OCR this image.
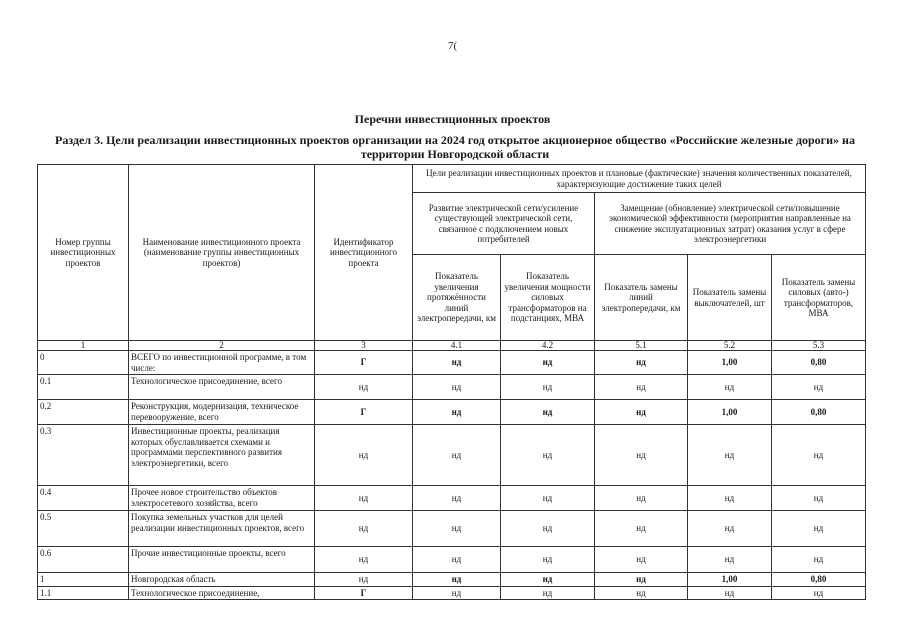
7(
Перечни инвестиционных проектов
Раздел 3. Цели реализации инвестиционных проектов организации на 2024 год открытое акционерное общество «Российские железные дороги» на территории Новгородской области
Номер группы инвестиционных проектов	Наименование инвестиционного проекта (наименование группы инвестиционных проектов)	Идентификатор инвестиционного проекта	Цели реализации инвестиционных проектов и плановые (фактические) значения количественных показателей, характеризующие достижение таких целей				
			Развитие электрической сети/усиление существующей электрической сети, связанное с подключением новых потребителей		Замещение (обновление) электрической сети/повышение экономической эффективности (мероприятия направленные на снижение эксплуатационных затрат) оказания услуг в сфере электроэнергетики		
			Показатель увеличения протяжённости линий электропередачи, км	Показатель увеличения мощности силовых трансформаторов на подстанциях, МВА	Показатель замены линий электропередачи, км	Показатель замены выключателей, шт	Показатель замены силовых (авто-) трансформаторов, МВА
1	2	3	4.1	4.2	5.1	5.2	5.3
0	ВСЕГО по инвестиционной программе, в том числе:	Г	нд	нд	нд	1,00	0,80
0.1	Технологическое присоединение, всего	нд	нд	нд	нд	нд	нд
0.2	Реконструкция, модернизация, техническое перевооружение, всего	Г	нд	нд	нд	1,00	0,80
0.3	Инвестиционные проекты, реализация которых обуславливается схемами и программами перспективного развития электроэнергетики, всего	нд	нд	нд	нд	нд	нд
0.4	Прочее новое строительство объектов электросетевого хозяйства, всего	нд	нд	нд	нд	нд	нд
0.5	Покупка земельных участков для целей реализации инвестиционных проектов, всего	нд	нд	нд	нд	нд	нд
0.6	Прочие инвестиционные проекты, всего	нд	нд	нд	нд	нд	нд
1	Новгородская область	нд	нд	нд	нд	1,00	0,80
1.1	Технологическое присоединение,	Г	нд	нд	нд	нд	нд
